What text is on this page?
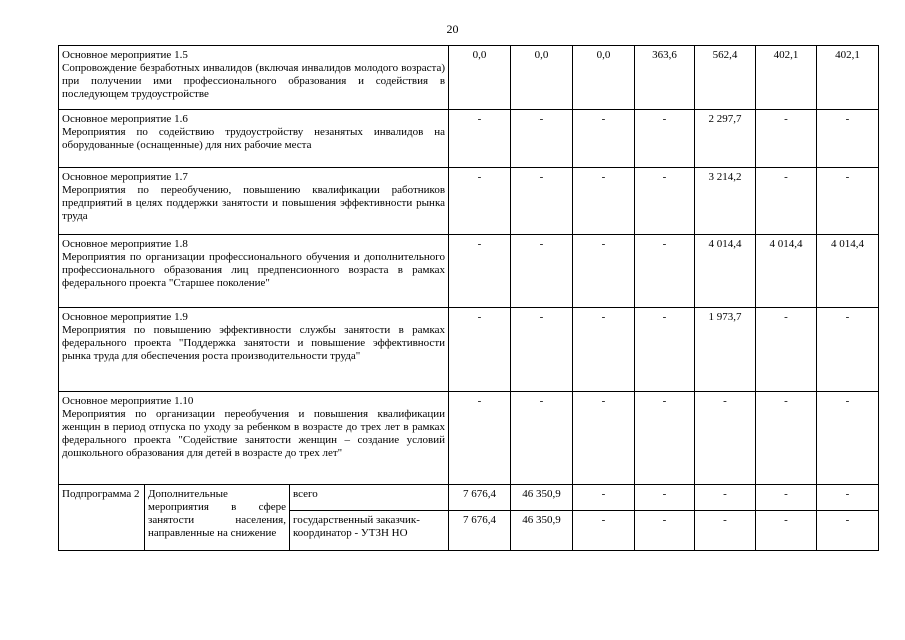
20
Основное мероприятие 1.5
Сопровождение безработных инвалидов (включая инвалидов молодого возраста) при получении ими профессионального образования и содействия в последующем трудоустройстве			0,0	0,0	0,0	363,6	562,4	402,1	402,1

Основное мероприятие 1.6
Мероприятия по содействию трудоустройству незанятых инвалидов на оборудованные (оснащенные) для них рабочие места			-	-	-	-	2 297,7	-	-

Основное мероприятие 1.7
Мероприятия по переобучению, повышению квалификации работников предприятий в целях поддержки занятости и повышения эффективности рынка труда			-	-	-	-	3 214,2	-	-

Основное мероприятие 1.8
Мероприятия по организации профессионального обучения и дополнительного профессионального образования лиц предпенсионного возраста в рамках федерального проекта "Старшее поколение"			-	-	-	-	4 014,4	4 014,4	4 014,4

Основное мероприятие 1.9
Мероприятия по повышению эффективности службы занятости в рамках федерального проекта "Поддержка занятости и повышение эффективности рынка труда для обеспечения роста производительности труда"			-	-	-	-	1 973,7	-	-

Основное мероприятие 1.10
Мероприятия по организации переобучения и повышения квалификации женщин в период отпуска по уходу за ребенком в возрасте до трех лет в рамках федерального проекта "Содействие занятости женщин – создание условий дошкольного образования для детей в возрасте до трех лет"			-	-	-	-	-	-	-
Подпрограмма 2	Дополнительные мероприятия в сфере занятости населения, направленные на снижение	всего	7 676,4	46 350,9	-	-	-	-	-
		государственный заказчик-координатор - УТЗН НО	7 676,4	46 350,9	-	-	-	-	-
